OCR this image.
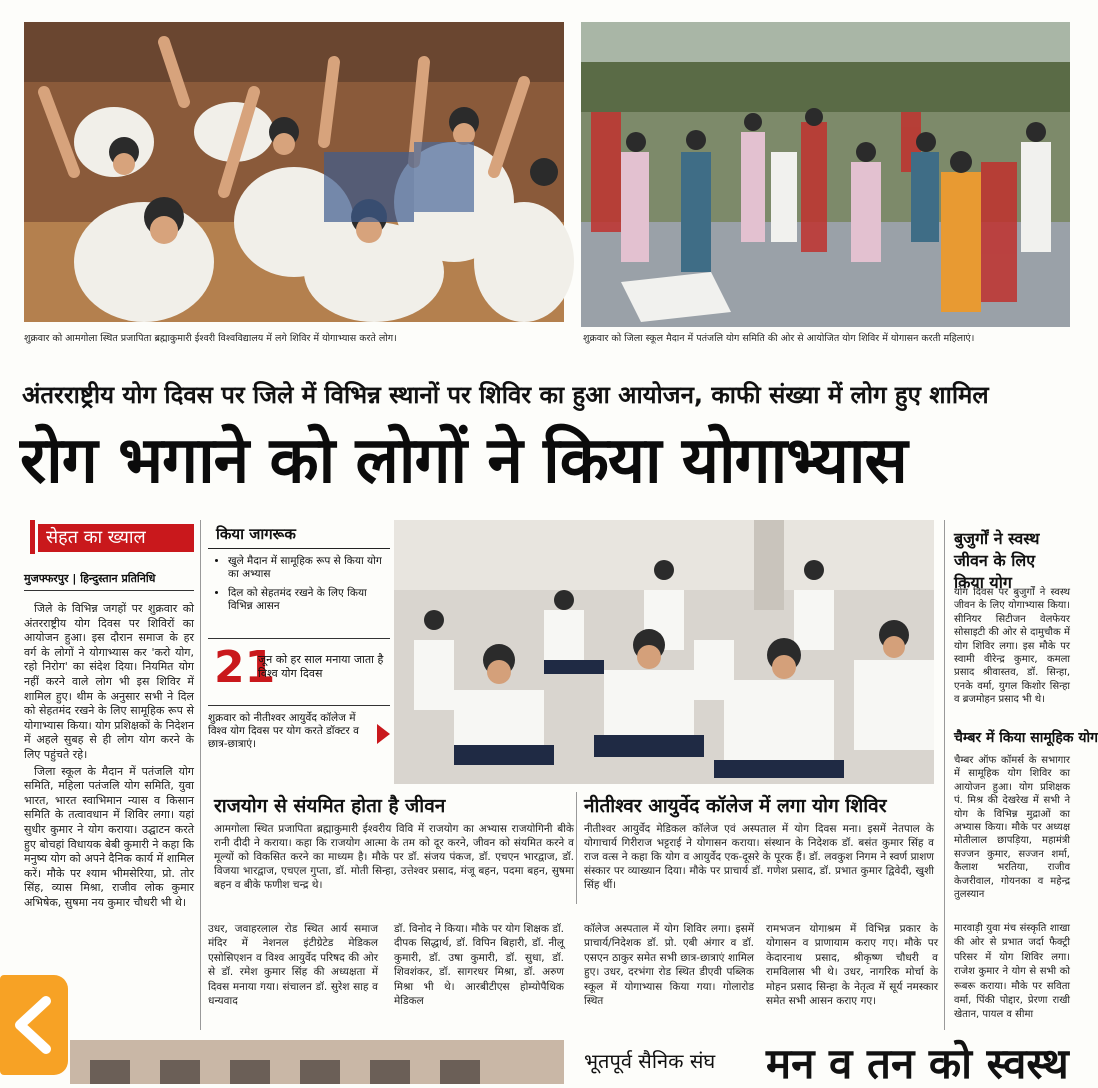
शुक्रवार को आमगोला स्थित प्रजापिता ब्रह्माकुमारी ईश्वरी विश्वविद्यालय में लगे शिविर में योगाभ्यास करते लोग।	शुक्रवार को जिला स्कूल मैदान में पतंजलि योग समिति की ओर से आयोजित योग शिविर में योगासन करती महिलाएं।
अंतरराष्ट्रीय योग दिवस पर जिले में विभिन्न स्थानों पर शिविर का हुआ आयोजन, काफी संख्या में लोग हुए शामिल
रोग भगाने को लोगों ने किया योगाभ्यास
सेहत का ख्याल
मुजफ्फरपुर | हिन्दुस्तान प्रतिनिधि

जिले के विभिन्न जगहों पर शुक्रवार को अंतरराष्ट्रीय योग दिवस पर शिविरों का आयोजन हुआ। इस दौरान समाज के हर वर्ग के लोगों ने योगाभ्यास कर 'करो योग, रहो निरोग' का संदेश दिया। नियमित योग नहीं करने वाले लोग भी इस शिविर में शामिल हुए। थीम के अनुसार सभी ने दिल को सेहतमंद रखने के लिए सामूहिक रूप से योगाभ्यास किया। योग प्रशिक्षकों के निदेशन में अहले सुबह से ही लोग योग करने के लिए पहुंचते रहे।

जिला स्कूल के मैदान में पतंजलि योग समिति, महिला पतंजलि योग समिति, युवा भारत, भारत स्वाभिमान न्यास व किसान समिति के तत्वावधान में शिविर लगा। यहां सुधीर कुमार ने योग कराया। उद्घाटन करते हुए बोचहां विधायक बेबी कुमारी ने कहा कि मनुष्य योग को अपने दैनिक कार्य में शामिल करें। मौके पर श्याम भीमसेरिया, प्रो. तोर सिंह, व्यास मिश्रा, राजीव लोक कुमार अभिषेक, सुषमा नय कुमार चौधरी भी थे।

किया जागरूक
• खुले मैदान में सामूहिक रूप से किया योग का अभ्यास
• दिल को सेहतमंद रखने के लिए किया विभिन्न आसन
21
जून को हर साल मनाया जाता है विश्व योग दिवस
शुक्रवार को नीतीश्वर आयुर्वेद कॉलेज में विश्व योग दिवस पर योग करते डॉक्टर व छात्र-छात्राएं।
राजयोग से संयमित होता है जीवन
आमगोला स्थित प्रजापिता ब्रह्माकुमारी ईश्वरीय विवि में राजयोग का अभ्यास राजयोगिनी बीके रानी दीदी ने कराया। कहा कि राजयोग आत्मा के तम को दूर करने, जीवन को संयमित करने व मूल्यों को विकसित करने का माध्यम है। मौके पर डॉ. संजय पंकज, डॉ. एचएन भारद्वाज, डॉ. विजया भारद्वाज, एचएल गुप्ता, डॉ. मोती सिन्हा, उत्तेश्वर प्रसाद, मंजू बहन, पदमा बहन, सुषमा बहन व बीके फणीश चन्द्र थे।
नीतीश्वर आयुर्वेद कॉलेज में लगा योग शिविर
नीतीश्वर आयुर्वेद मेडिकल कॉलेज एवं अस्पताल में योग दिवस मना। इसमें नेतपाल के योगाचार्य गिरीराज भट्टराई ने योगासन कराया। संस्थान के निदेशक डॉ. बसंत कुमार सिंह व राज वत्स ने कहा कि योग व आयुर्वेद एक-दूसरे के पूरक हैं। डॉ. लवकुश निगम ने स्वर्ण प्राशण संस्कार पर व्याख्यान दिया। मौके पर प्राचार्य डॉ. गणेश प्रसाद, डॉ. प्रभात कुमार द्विवेदी, खुशी सिंह थीं।
बुजुर्गों ने स्वस्थ जीवन के लिए किया योग
योग दिवस पर बुजुर्गों ने स्वस्थ जीवन के लिए योगाभ्यास किया। सीनियर सिटीजन वेलफेयर सोसाइटी की ओर से दामुचौक में योग शिविर लगा। इस मौके पर स्वामी वीरेन्द्र कुमार, कमला प्रसाद श्रीवास्तव, डॉ. सिन्हा, एनके वर्मा, युगल किशोर सिन्हा व ब्रजमोहन प्रसाद भी थे।
चैम्बर में किया सामूहिक योग
चैम्बर ऑफ कॉमर्स के सभागार में सामूहिक योग शिविर का आयोजन हुआ। योग प्रशिक्षक पं. मिश्र की देखरेख में सभी ने योग के विभिन्न मुद्राओं का अभ्यास किया। मौके पर अध्यक्ष मोतीलाल छापड़िया, महामंत्री सज्जन कुमार, सज्जन शर्मा, कैलाश भरतिया, राजीव केजरीवाल, गोयनका व महेन्द्र तुलस्यान
उधर, जवाहरलाल रोड स्थित आर्य समाज मंदिर में नेशनल इंटीग्रेटेड मेडिकल एसोसिएशन व विश्व आयुर्वेद परिषद की ओर से डॉ. रमेश कुमार सिंह की अध्यक्षता में दिवस मनाया गया। संचालन डॉ. सुरेश साह व धन्यवाद
डॉ. विनोद ने किया। मौके पर योग शिक्षक डॉ. दीपक सिद्धार्थ, डॉ. विपिन बिहारी, डॉ. नीलू कुमारी, डॉ. उषा कुमारी, डॉ. सुधा, डॉ. शिवशंकर, डॉ. सागरधर मिश्रा, डॉ. अरुण मिश्रा भी थे। आरबीटीएस होम्योपैथिक मेडिकल
कॉलेज अस्पताल में योग शिविर लगा। इसमें प्राचार्य/निदेशक डॉ. प्रो. एबी अंगार व डॉ. एसएन ठाकुर समेत सभी छात्र-छात्राएं शामिल हुए। उधर, दरभंगा रोड स्थित डीएवी पब्लिक स्कूल में योगाभ्यास किया गया। गोलारोड स्थित
रामभजन योगाश्रम में विभिन्न प्रकार के योगासन व प्राणायाम कराए गए। मौके पर केदारनाथ प्रसाद, श्रीकृष्ण चौधरी व रामविलास भी थे। उधर, नागरिक मोर्चा के मोहन प्रसाद सिन्हा के नेतृत्व में सूर्य नमस्कार समेत सभी आसन कराए गए।
मारवाड़ी युवा मंच संस्कृति शाखा की ओर से प्रभात जर्दा फैक्ट्री परिसर में योग शिविर लगा। राजेश कुमार ने योग से सभी को रूबरू कराया। मौके पर सविता वर्मा, पिंकी पोद्दार, प्रेरणा राखी खेतान, पायल व सीमा
भूतपूर्व सैनिक संघ	मन व तन को स्वस्थ
